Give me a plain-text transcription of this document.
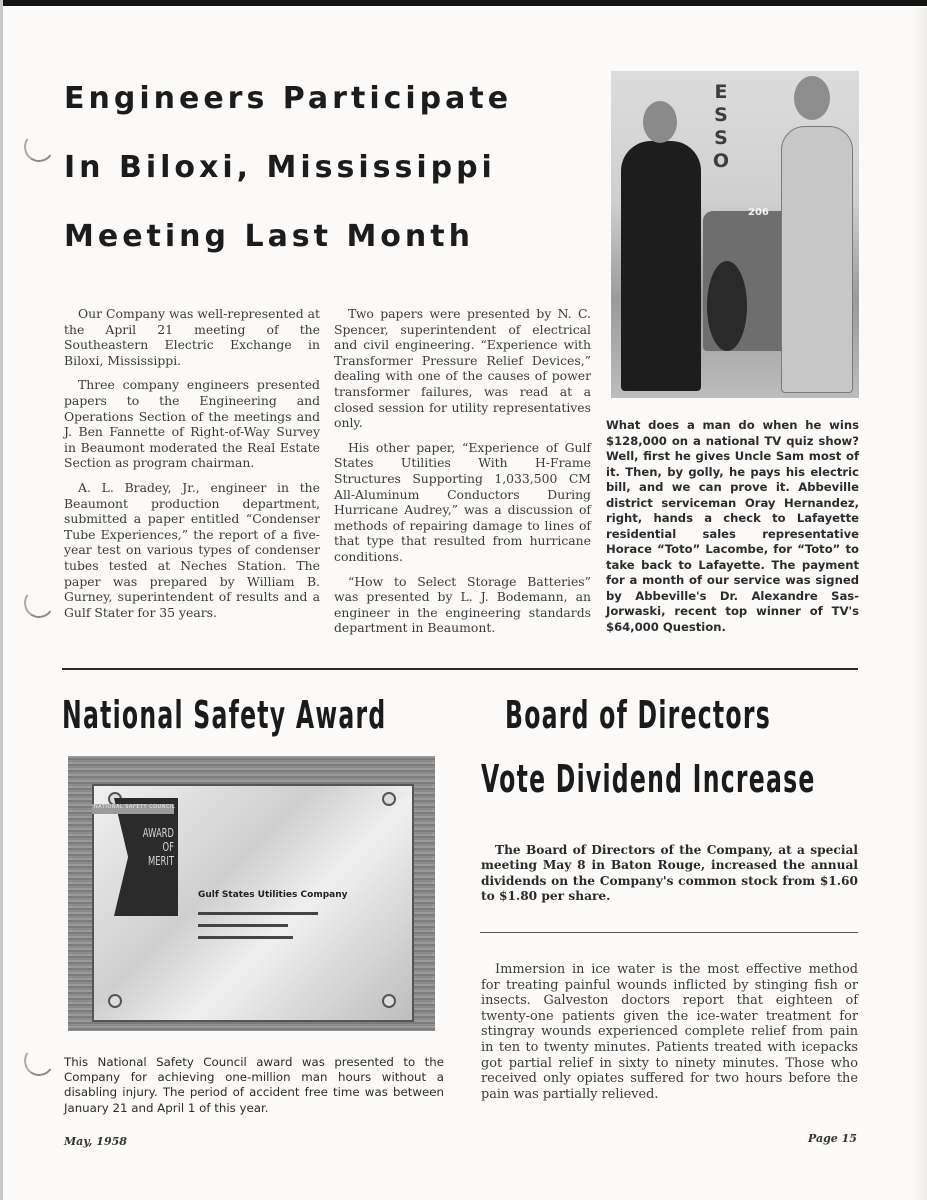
Engineers Participate
In Biloxi, Mississippi
Meeting Last Month

Our Company was well-represented at the April 21 meeting of the Southeastern Electric Exchange in Biloxi, Mississippi.

Three company engineers presented papers to the Engineering and Operations Section of the meetings and J. Ben Fannette of Right-of-Way Survey in Beaumont moderated the Real Estate Section as program chairman.

A. L. Bradey, Jr., engineer in the Beaumont production department, submitted a paper entitled “Condenser Tube Experiences,” the report of a five-year test on various types of condenser tubes tested at Neches Station. The paper was prepared by William B. Gurney, superintendent of results and a Gulf Stater for 35 years.

Two papers were presented by N. C. Spencer, superintendent of electrical and civil engineering. “Experience with Transformer Pressure Relief Devices,” dealing with one of the causes of power transformer failures, was read at a closed session for utility representatives only.

His other paper, “Experience of Gulf States Utilities With H-Frame Structures Supporting 1,033,500 CM All-Aluminum Conductors During Hurricane Audrey,” was a discussion of methods of repairing damage to lines of that type that resulted from hurricane conditions.

“How to Select Storage Batteries” was presented by L. J. Bodemann, an engineer in the engineering standards department in Beaumont.

ESSO
206
What does a man do when he wins $128,000 on a national TV quiz show? Well, first he gives Uncle Sam most of it. Then, by golly, he pays his electric bill, and we can prove it. Abbeville district serviceman Oray Hernandez, right, hands a check to Lafayette residential sales representative Horace “Toto” Lacombe, for “Toto” to take back to Lafayette. The payment for a month of our service was signed by Abbeville's Dr. Alexandre Sas-Jorwaski, recent top winner of TV's $64,000 Question.
National Safety Award
NATIONAL SAFETY COUNCIL
AWARD
OF
MERIT
Gulf States Utilities Company
This National Safety Council award was presented to the Company for achieving one-million man hours without a disabling injury. The period of accident free time was between January 21 and April 1 of this year.
Board of Directors
Vote Dividend Increase
The Board of Directors of the Company, at a special meeting May 8 in Baton Rouge, increased the annual dividends on the Company's common stock from $1.60 to $1.80 per share.
Immersion in ice water is the most effective method for treating painful wounds inflicted by stinging fish or insects. Galveston doctors report that eighteen of twenty-one patients given the ice-water treatment for stingray wounds experienced complete relief from pain in ten to twenty minutes. Patients treated with icepacks got partial relief in sixty to ninety minutes. Those who received only opiates suffered for two hours before the pain was partially relieved.
May, 1958	Page 15
